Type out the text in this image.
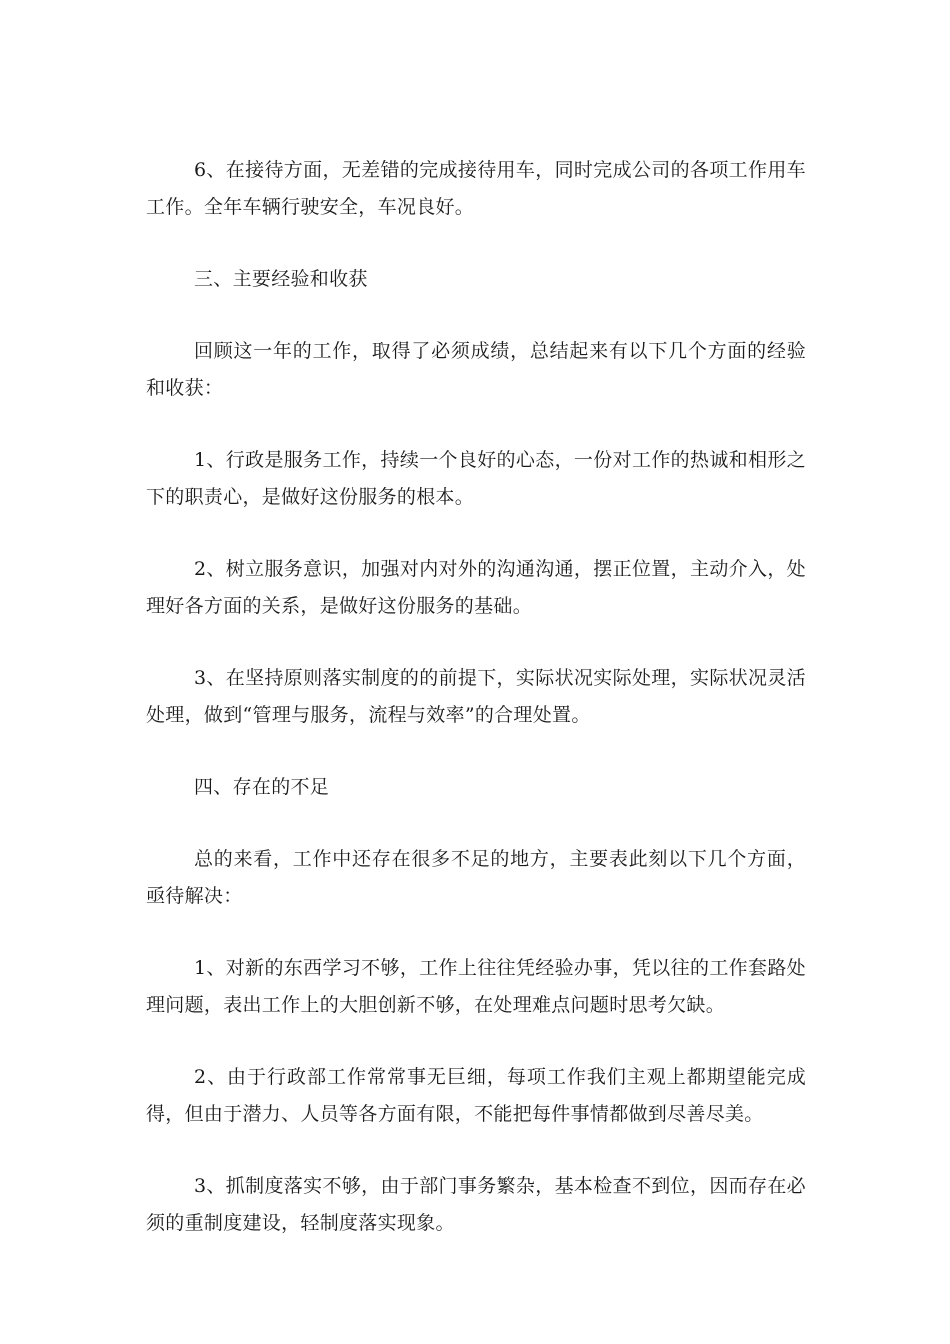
6、在接待方面，无差错的完成接待用车，同时完成公司的各项工作用车工作。全年车辆行驶安全，车况良好。

三、主要经验和收获

回顾这一年的工作，取得了必须成绩，总结起来有以下几个方面的经验和收获：

1、行政是服务工作，持续一个良好的心态，一份对工作的热诚和相形之下的职责心，是做好这份服务的根本。

2、树立服务意识，加强对内对外的沟通沟通，摆正位置，主动介入，处理好各方面的关系，是做好这份服务的基础。

3、在坚持原则落实制度的的前提下，实际状况实际处理，实际状况灵活处理，做到“管理与服务，流程与效率”的合理处置。

四、存在的不足

总的来看，工作中还存在很多不足的地方，主要表此刻以下几个方面，亟待解决：

1、对新的东西学习不够，工作上往往凭经验办事，凭以往的工作套路处理问题，表出工作上的大胆创新不够，在处理难点问题时思考欠缺。

2、由于行政部工作常常事无巨细，每项工作我们主观上都期望能完成得，但由于潜力、人员等各方面有限，不能把每件事情都做到尽善尽美。

3、抓制度落实不够，由于部门事务繁杂，基本检查不到位，因而存在必须的重制度建设，轻制度落实现象。
